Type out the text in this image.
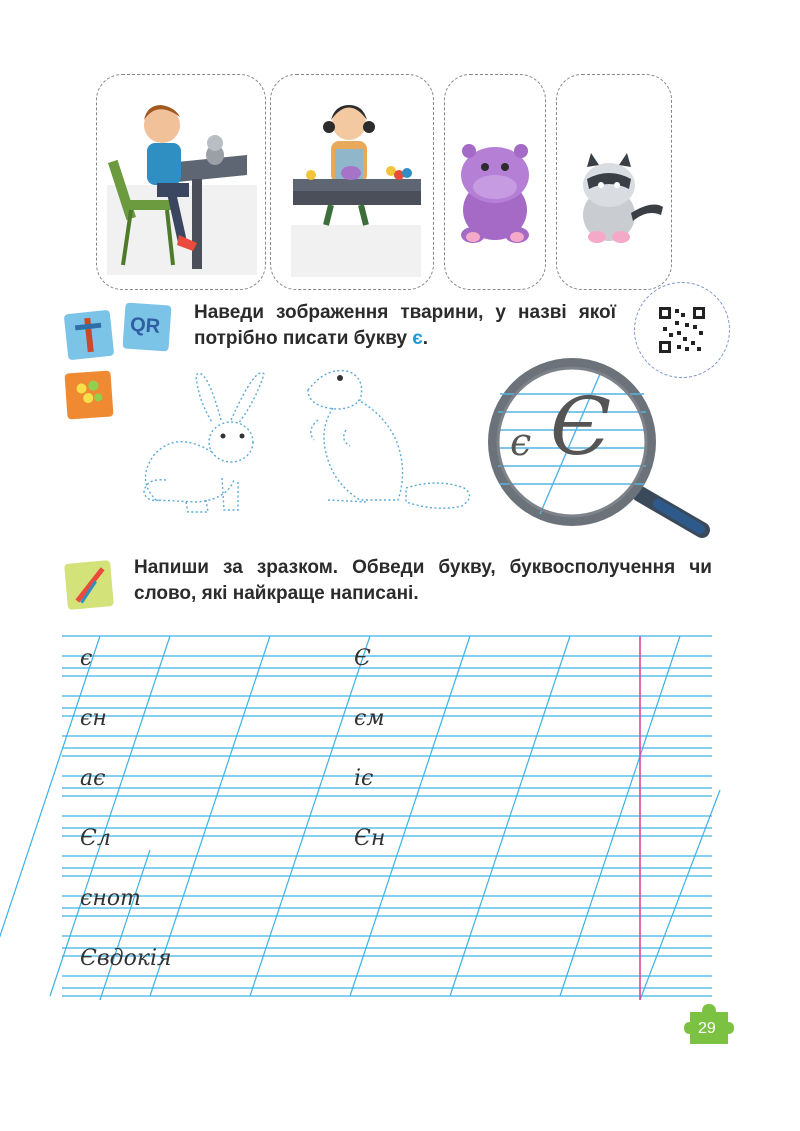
QR
Наведи зображення тварини, у назві якої потрібно писати букву є.
є Є
Напиши за зразком. Обведи букву, буквосполучення чи слово, які найкраще написані.
є	Є
єн	єм
ає	іє
Єл	Єн
єнот
Євдокія
29
